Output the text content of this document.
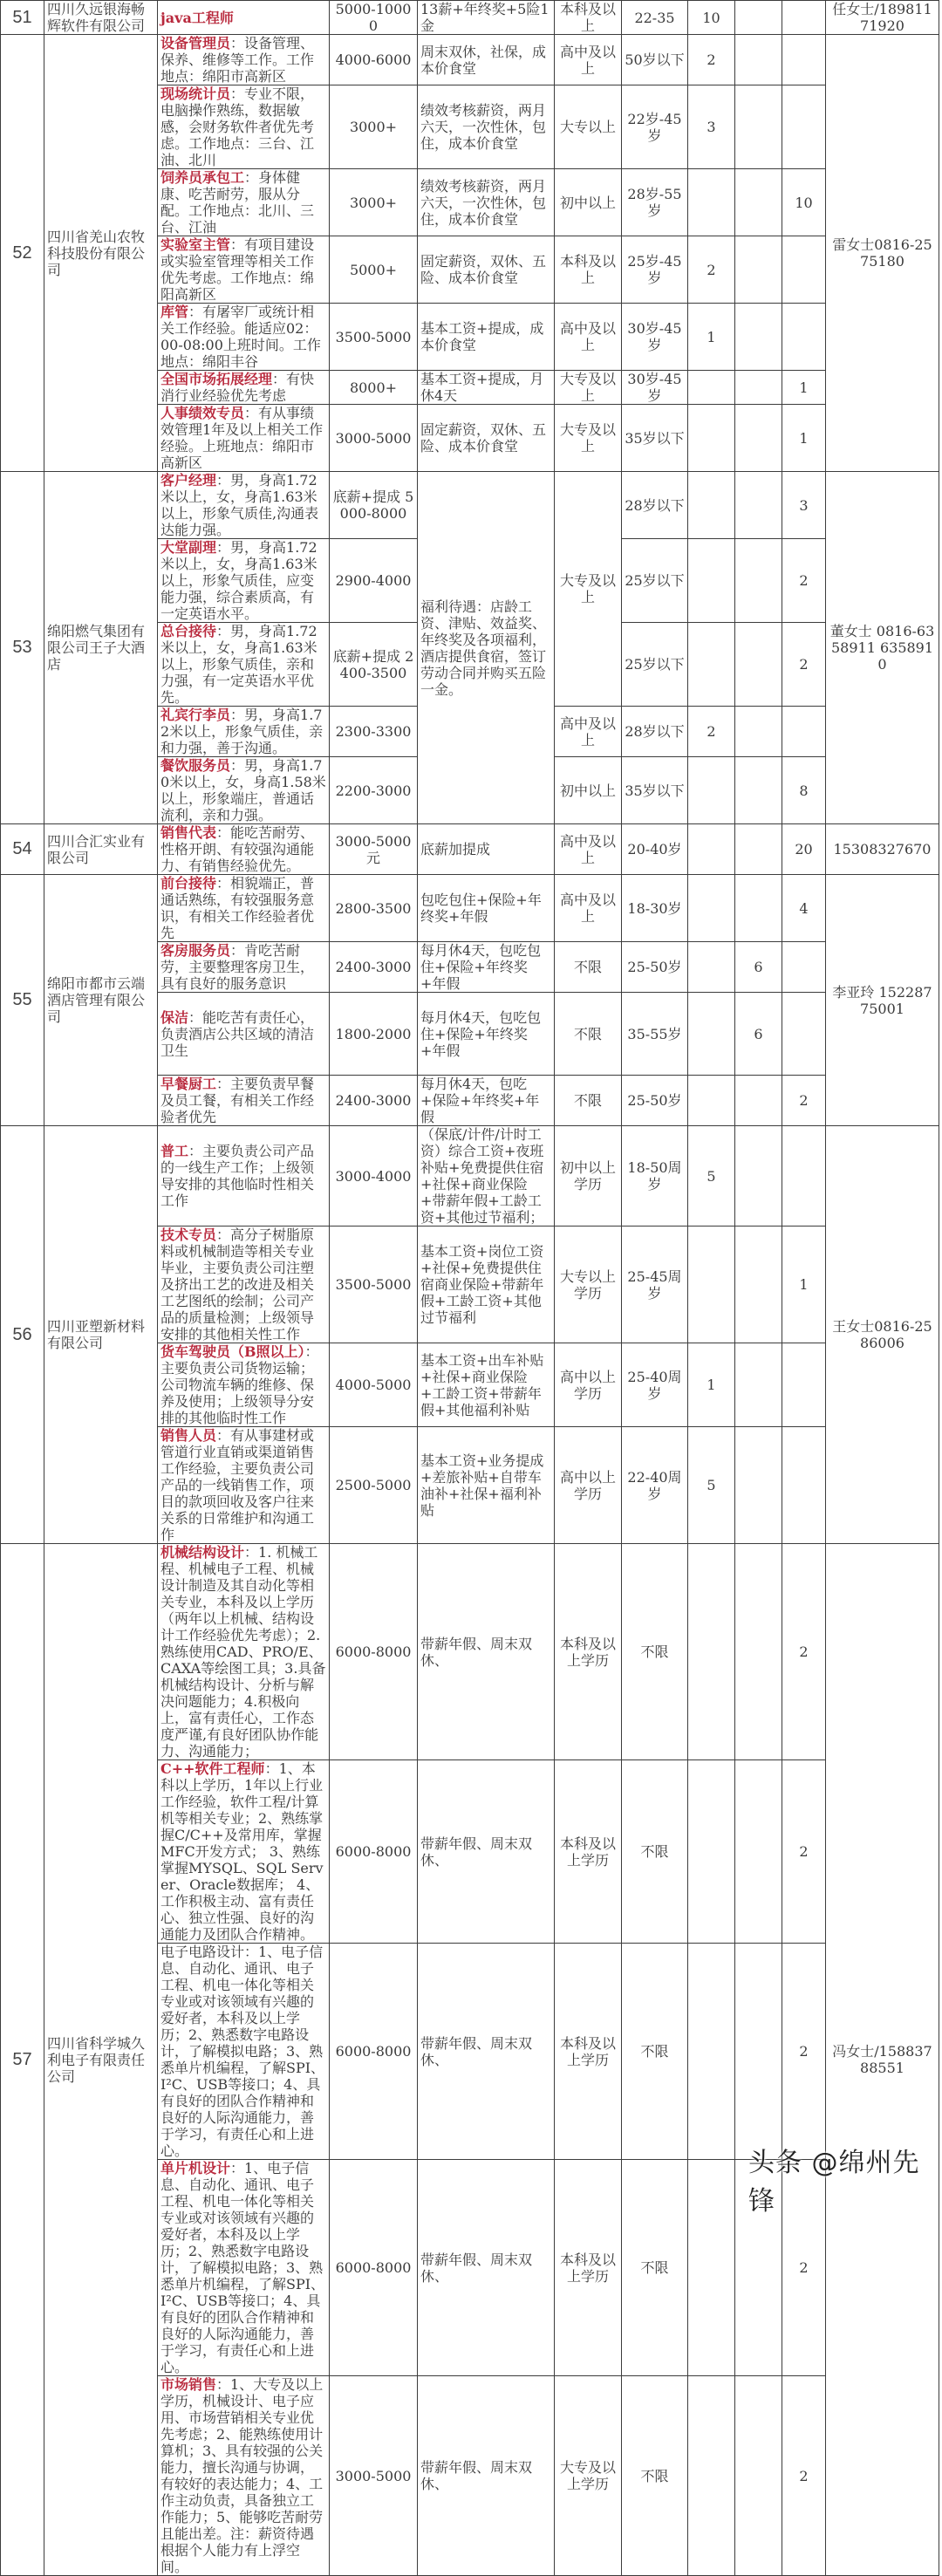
51	四川久远银海畅辉软件有限公司	java工程师	5000-10000	13薪+年终奖+5险1金	本科及以上	22-35	10			任女士/18981171920
52	四川省羌山农牧科技股份有限公司	设备管理员：设备管理、保养、维修等工作。工作地点：绵阳市高新区	4000-6000	周末双休，社保，成本价食堂	高中及以上	50岁以下	2			雷女士0816-2575180
		现场统计员：专业不限，电脑操作熟练，数据敏感，会财务软件者优先考虑。工作地点：三台、江油、北川	3000+	绩效考核薪资，两月六天，一次性休，包住，成本价食堂	大专以上	22岁-45岁	3			
		饲养员承包工：身体健康、吃苦耐劳，服从分配。工作地点：北川、三台、江油	3000+	绩效考核薪资，两月六天，一次性休，包住，成本价食堂	初中以上	28岁-55岁			10	
		实验室主管：有项目建设或实验室管理等相关工作优先考虑。工作地点：绵阳高新区	5000+	固定薪资，双休、五险、成本价食堂	本科及以上	25岁-45岁	2			
		库管：有屠宰厂或统计相关工作经验。能适应02：00-08:00上班时间。工作地点：绵阳丰谷	3500-5000	基本工资+提成，成本价食堂	高中及以上	30岁-45岁	1			
		全国市场拓展经理：有快消行业经验优先考虑	8000+	基本工资+提成，月休4天	大专及以上	30岁-45岁			1	
		人事绩效专员：有从事绩效管理1年及以上相关工作经验。上班地点：绵阳市高新区	3000-5000	固定薪资，双休、五险、成本价食堂	大专及以上	35岁以下			1	
53	绵阳燃气集团有限公司王子大酒店	客户经理：男，身高1.72米以上，女，身高1.63米以上，形象气质佳,沟通表达能力强。	底薪+提成 5000-8000	福利待遇：店龄工资、津贴、效益奖、年终奖及各项福利，酒店提供食宿，签订劳动合同并购买五险一金。	大专及以上	28岁以下			3	董女士 0816-6358911 6358910
		大堂副理：男，身高1.72米以上，女，身高1.63米以上，形象气质佳，应变能力强，综合素质高，有一定英语水平。	2900-4000			25岁以下			2	
		总台接待：男，身高1.72米以上，女，身高1.63米以上，形象气质佳，亲和力强，有一定英语水平优先。	底薪+提成 2400-3500			25岁以下			2	
		礼宾行李员：男，身高1.72米以上，形象气质佳，亲和力强，善于沟通。	2300-3300		高中及以上	28岁以下	2			
		餐饮服务员：男，身高1.70米以上，女，身高1.58米以上，形象端庄，普通话流利，亲和力强。	2200-3000		初中以上	35岁以下			8	
54	四川合汇实业有限公司	销售代表：能吃苦耐劳、性格开朗、有较强沟通能力、有销售经验优先。	3000-5000元	底薪加提成	高中及以上	20-40岁			20	15308327670
55	绵阳市都市云端酒店管理有限公司	前台接待：相貌端正，普通话熟练，有较强服务意识，有相关工作经验者优先	2800-3500	包吃包住+保险+年终奖+年假	高中及以上	18-30岁			4	李亚玲 15228775001
		客房服务员：肯吃苦耐劳，主要整理客房卫生，具有良好的服务意识	2400-3000	每月休4天，包吃包住+保险+年终奖+年假	不限	25-50岁		6		
		保洁：能吃苦有责任心，负责酒店公共区域的清洁卫生	1800-2000	每月休4天，包吃包住+保险+年终奖+年假	不限	35-55岁		6		
		早餐厨工：主要负责早餐及员工餐，有相关工作经验者优先	2400-3000	每月休4天，包吃+保险+年终奖+年假	不限	25-50岁			2	
56	四川亚塑新材料有限公司	普工：主要负责公司产品的一线生产工作；上级领导安排的其他临时性相关工作	3000-4000	（保底/计件/计时工资）综合工资+夜班补贴+免费提供住宿+社保+商业保险+带薪年假+工龄工资+其他过节福利；	初中以上学历	18-50周岁	5			王女士0816-2586006
		技术专员：高分子树脂原料或机械制造等相关专业毕业，主要负责公司注塑及挤出工艺的改进及相关工艺图纸的绘制；公司产品的质量检测；上级领导安排的其他相关性工作	3500-5000	基本工资+岗位工资+社保+免费提供住宿商业保险+带薪年假+工龄工资+其他过节福利	大专以上学历	25-45周岁			1	
		货车驾驶员（B照以上）：主要负责公司货物运输；公司物流车辆的维修、保养及使用；上级领导分安排的其他临时性工作	4000-5000	基本工资+出车补贴+社保+商业保险+工龄工资+带薪年假+其他福利补贴	高中以上学历	25-40周岁	1			
		销售人员：有从事建材或管道行业直销或渠道销售工作经验，主要负责公司产品的一线销售工作，项目的款项回收及客户往来关系的日常维护和沟通工作	2500-5000	基本工资+业务提成+差旅补贴+自带车油补+社保+福利补贴	高中以上学历	22-40周岁	5			
57	四川省科学城久利电子有限责任公司	机械结构设计：1. 机械工程、机械电子工程、机械设计制造及其自动化等相关专业，本科及以上学历（两年以上机械、结构设计工作经验优先考虑）；2.熟练使用CAD、PRO/E、CAXA等绘图工具；3.具备机械结构设计、分析与解决问题能力；4.积极向上，富有责任心，工作态度严谨,有良好团队协作能力、沟通能力；	6000-8000	带薪年假、周末双休、	本科及以上学历	不限			2	冯女士/15883788551
		C++软件工程师：1、本科以上学历，1年以上行业工作经验，软件工程/计算机等相关专业；2、熟练掌握C/C++及常用库，掌握MFC开发方式； 3、熟练掌握MYSQL、SQL Server、Oracle数据库； 4、工作积极主动、富有责任心、独立性强、良好的沟通能力及团队合作精神。	6000-8000	带薪年假、周末双休、	本科及以上学历	不限			2	
		电子电路设计：1、电子信息、自动化、通讯、电子工程、机电一体化等相关专业或对该领域有兴趣的爱好者，本科及以上学历；2、熟悉数字电路设计，了解模拟电路；3、熟悉单片机编程，了解SPI、I²C、USB等接口；4、具有良好的团队合作精神和良好的人际沟通能力，善于学习，有责任心和上进心。	6000-8000	带薪年假、周末双休、	本科及以上学历	不限			2	
		单片机设计：1、电子信息、自动化、通讯、电子工程、机电一体化等相关专业或对该领域有兴趣的爱好者，本科及以上学历；2、熟悉数字电路设计，了解模拟电路；3、熟悉单片机编程，了解SPI、I²C、USB等接口；4、具有良好的团队合作精神和良好的人际沟通能力，善于学习，有责任心和上进心。	6000-8000	带薪年假、周末双休、	本科及以上学历	不限			2	
		市场销售：1、大专及以上学历，机械设计、电子应用、市场营销相关专业优先考虑；2、能熟练使用计算机；3、具有较强的公关能力，擅长沟通与协调，有较好的表达能力；4、工作主动负责，具备独立工作能力；5、能够吃苦耐劳且能出差。注：薪资待遇根据个人能力有上浮空间。	3000-5000	带薪年假、周末双休、	大专及以上学历	不限			2	
头条 @绵州先锋
